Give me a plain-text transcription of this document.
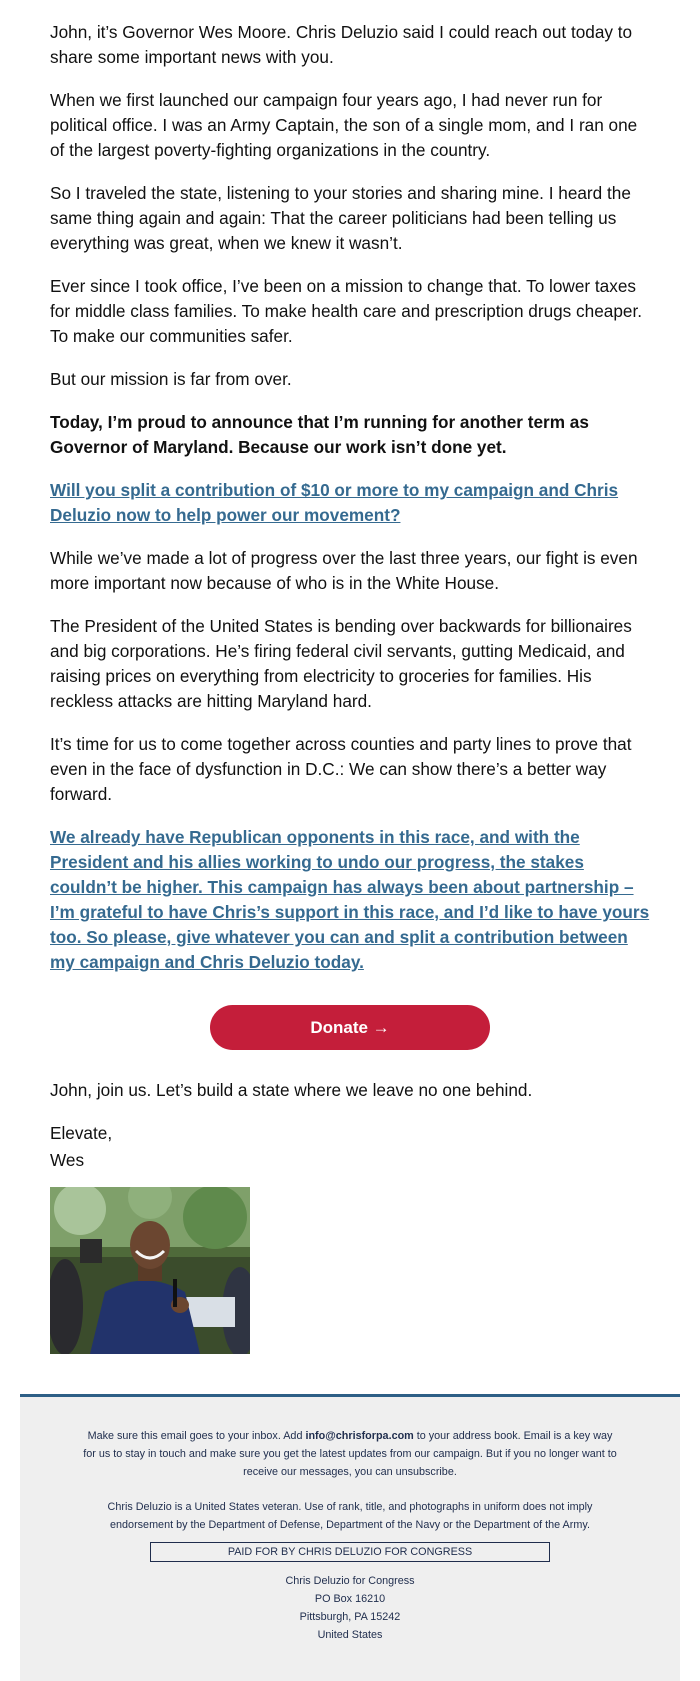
John, it’s Governor Wes Moore. Chris Deluzio said I could reach out today to share some important news with you.

When we first launched our campaign four years ago, I had never run for political office. I was an Army Captain, the son of a single mom, and I ran one of the largest poverty-fighting organizations in the country.

So I traveled the state, listening to your stories and sharing mine. I heard the same thing again and again: That the career politicians had been telling us everything was great, when we knew it wasn’t.

Ever since I took office, I’ve been on a mission to change that. To lower taxes for middle class families. To make health care and prescription drugs cheaper. To make our communities safer.

But our mission is far from over.

Today, I’m proud to announce that I’m running for another term as Governor of Maryland. Because our work isn’t done yet.

Will you split a contribution of $10 or more to my campaign and Chris Deluzio now to help power our movement?

While we’ve made a lot of progress over the last three years, our fight is even more important now because of who is in the White House.

The President of the United States is bending over backwards for billionaires and big corporations. He’s firing federal civil servants, gutting Medicaid, and raising prices on everything from electricity to groceries for families. His reckless attacks are hitting Maryland hard.

It’s time for us to come together across counties and party lines to prove that even in the face of dysfunction in D.C.: We can show there’s a better way forward.

We already have Republican opponents in this race, and with the President and his allies working to undo our progress, the stakes couldn’t be higher. This campaign has always been about partnership – I’m grateful to have Chris’s support in this race, and I’d like to have yours too. So please, give whatever you can and split a contribution between my campaign and Chris Deluzio today.

Donate →

John, join us. Let’s build a state where we leave no one behind.

Elevate,

Wes

Make sure this email goes to your inbox. Add info@chrisforpa.com to your address book. Email is a key way for us to stay in touch and make sure you get the latest updates from our campaign. But if you no longer want to receive our messages, you can unsubscribe.
Chris Deluzio is a United States veteran. Use of rank, title, and photographs in uniform does not imply endorsement by the Department of Defense, Department of the Navy or the Department of the Army.
PAID FOR BY CHRIS DELUZIO FOR CONGRESS
Chris Deluzio for Congress
PO Box 16210
Pittsburgh, PA 15242
United States
